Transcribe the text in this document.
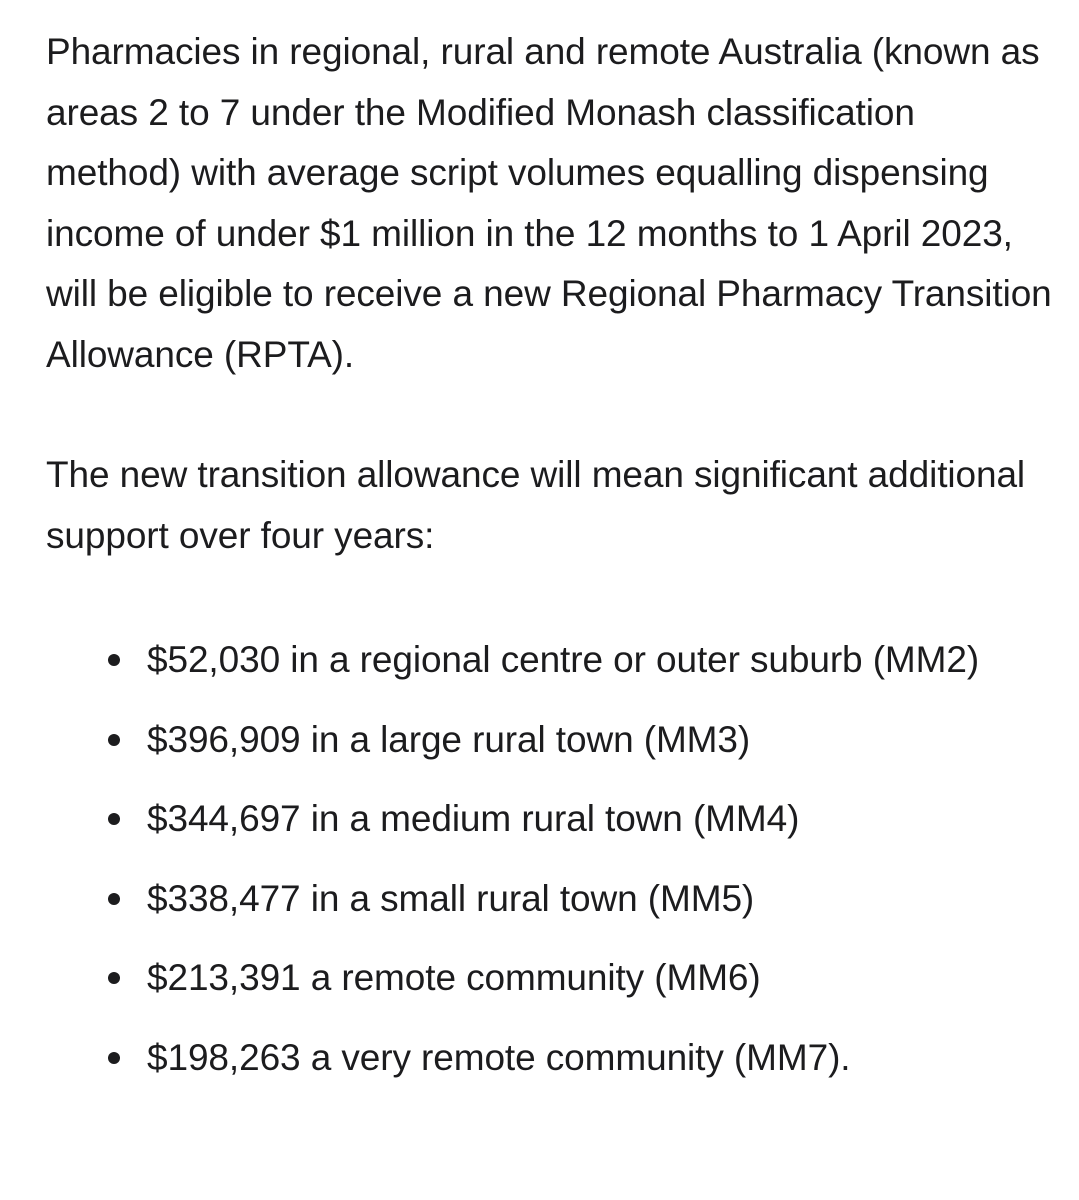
Pharmacies in regional, rural and remote Australia (known as areas 2 to 7 under the Modified Monash classification method) with average script volumes equalling dispensing income of under $1 million in the 12 months to 1 April 2023, will be eligible to receive a new Regional Pharmacy Transition Allowance (RPTA).

The new transition allowance will mean significant additional support over four years:

$52,030 in a regional centre or outer suburb (MM2)
$396,909 in a large rural town (MM3)
$344,697 in a medium rural town (MM4)
$338,477 in a small rural town (MM5)
$213,391 a remote community (MM6)
$198,263 a very remote community (MM7).
